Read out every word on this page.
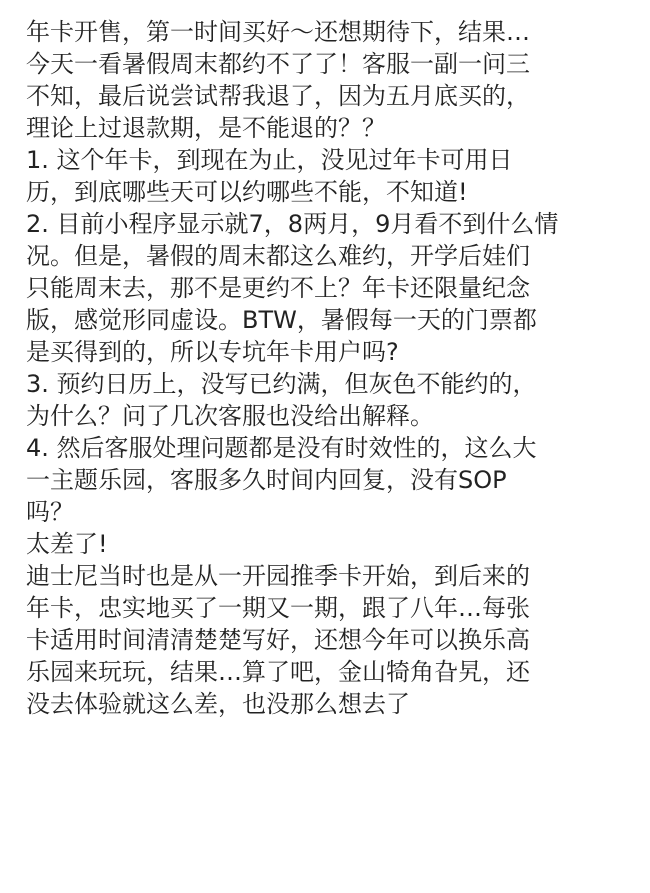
年卡开售，第一时间买好～还想期待下，结果…
今天一看暑假周末都约不了了！客服一副一问三
不知，最后说尝试帮我退了，因为五月底买的，
理论上过退款期，是不能退的？？
1. 这个年卡，到现在为止，没见过年卡可用日
历，到底哪些天可以约哪些不能，不知道!
2. 目前小程序显示就7，8两月，9月看不到什么情
况。但是，暑假的周末都这么难约，开学后娃们
只能周末去，那不是更约不上？年卡还限量纪念
版，感觉形同虚设。BTW，暑假每一天的门票都
是买得到的，所以专坑年卡用户吗?
3. 预约日历上，没写已约满，但灰色不能约的，
为什么？问了几次客服也没给出解释。
4. 然后客服处理问题都是没有时效性的，这么大
一主题乐园，客服多久时间内回复，没有SOP
吗？
太差了!
迪士尼当时也是从一开园推季卡开始，到后来的
年卡，忠实地买了一期又一期，跟了八年…每张
卡适用时间清清楚楚写好，还想今年可以换乐高
乐园来玩玩，结果…算了吧，金山犄角旮旯，还
没去体验就这么差，也没那么想去了
